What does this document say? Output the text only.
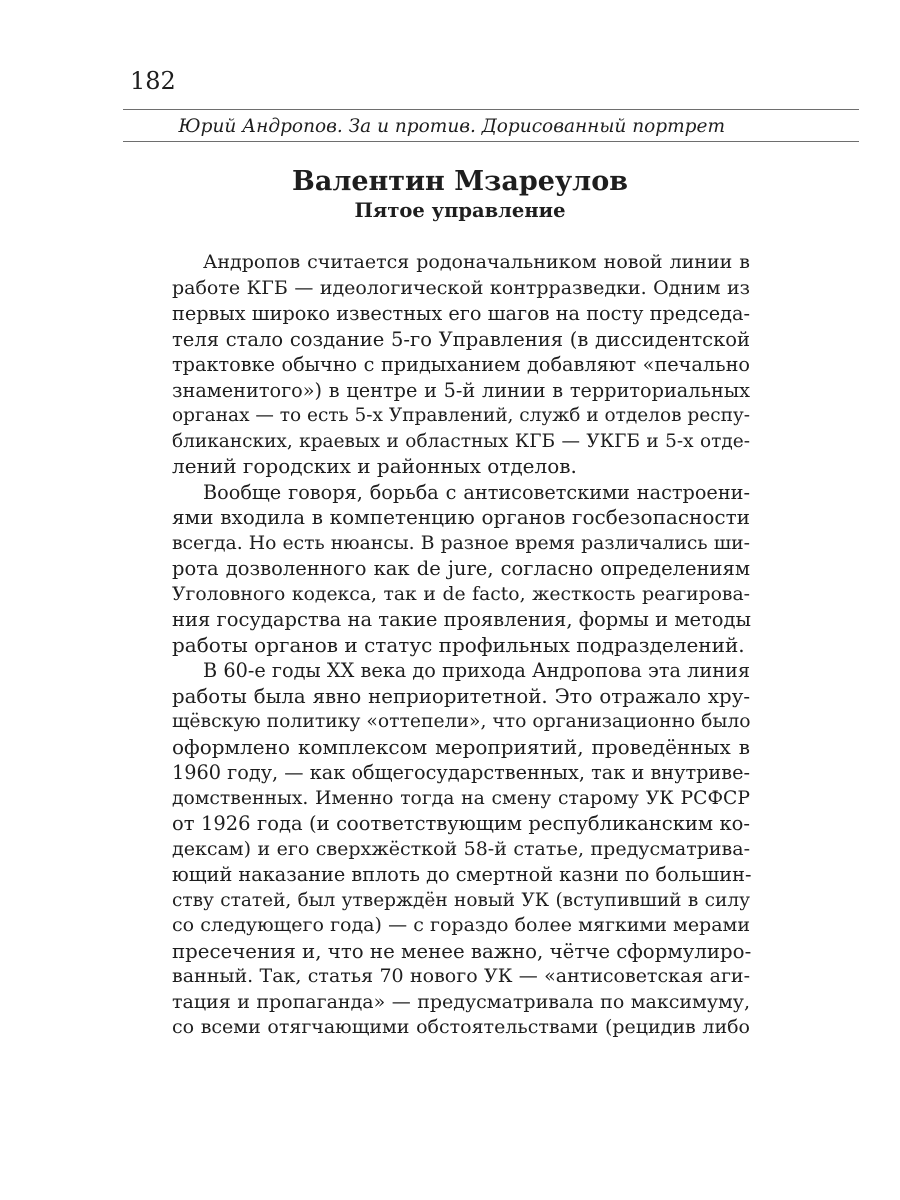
182
Юрий Андропов. За и против. Дорисованный портрет
Валентин Мзареулов
Пятое управление
Андропов считается родоначальником новой линии в
работе КГБ — идеологической контрразведки. Одним из
первых широко известных его шагов на посту председа-
теля стало создание 5-го Управления (в диссидентской
трактовке обычно с придыханием добавляют «печально
знаменитого») в центре и 5-й линии в территориальных
органах — то есть 5-х Управлений, служб и отделов респу-
бликанских, краевых и областных КГБ — УКГБ и 5-х отде-
лений городских и районных отделов.
Вообще говоря, борьба с антисоветскими настроени-
ями входила в компетенцию органов госбезопасности
всегда. Но есть нюансы. В разное время различались ши-
рота дозволенного как de jure, согласно определениям
Уголовного кодекса, так и de facto, жесткость реагирова-
ния государства на такие проявления, формы и методы
работы органов и статус профильных подразделений.
В 60-е годы XX века до прихода Андропова эта линия
работы была явно неприоритетной. Это отражало хру-
щёвскую политику «оттепели», что организационно было
оформлено комплексом мероприятий, проведённых в
1960 году, — как общегосударственных, так и внутриве-
домственных. Именно тогда на смену старому УК РСФСР
от 1926 года (и соответствующим республиканским ко-
дексам) и его сверхжёсткой 58-й статье, предусматрива-
ющий наказание вплоть до смертной казни по большин-
ству статей, был утверждён новый УК (вступивший в силу
со следующего года) — с гораздо более мягкими мерами
пресечения и, что не менее важно, чётче сформулиро-
ванный. Так, статья 70 нового УК — «антисоветская аги-
тация и пропаганда» — предусматривала по максимуму,
со всеми отягчающими обстоятельствами (рецидив либо
